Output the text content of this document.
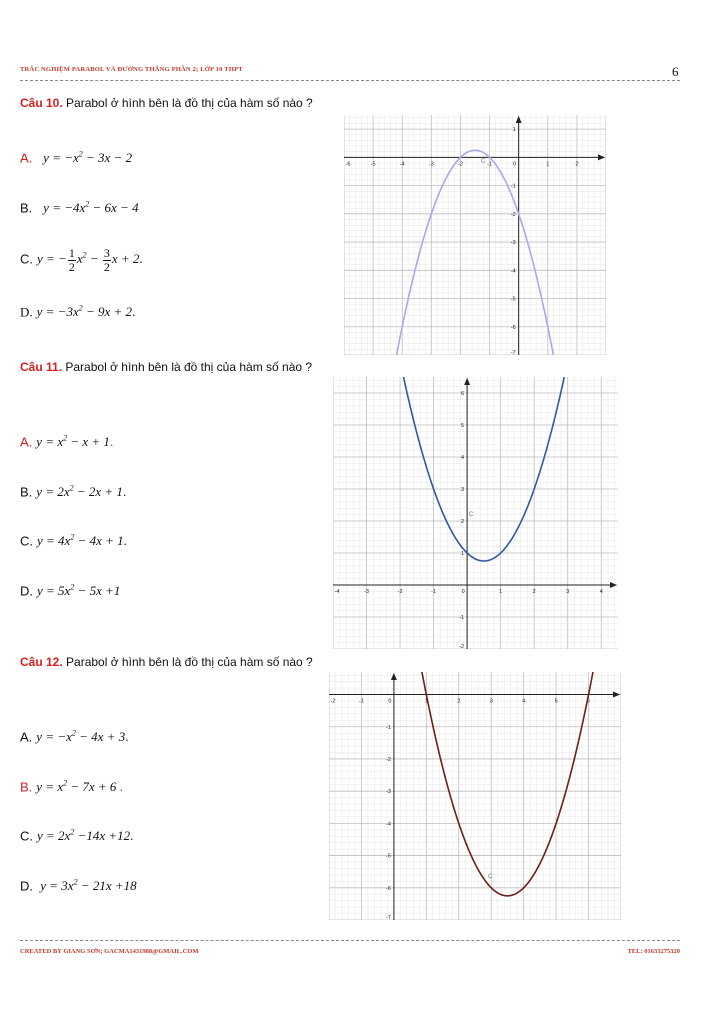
TRẮC NGHIỆM PARABOL VÀ ĐƯỜNG THẲNG PHẦN 2; LỚP 10 THPT	6
Câu 10. Parabol ở hình bên là đồ thị của hàm số nào ?
A.  $y = -x^2 - 3x - 2$
B.  $y = -4x^2 - 6x - 4$
C. y = − $\frac{1}{2} x^2 - \frac{3}{2}$ x + 2.
D. $y = -3x^2 - 9x + 2$.
-6	-5	-4	-3	-2	-1	0	1	2
1
-1
-2
-3
-4
-5
-6
-7
C
Câu 11. Parabol ở hình bên là đồ thị của hàm số nào ?
A. $y = x^2 - x + 1$.
B. $y = 2x^2 - 2x + 1$.
C. $y = 4x^2 - 4x + 1$.
D. $y = 5x^2 - 5x +1$	-4	-3	-2	-1	0	1	2	3	4
6
5
4
3
2
1
-1
-2
C
Câu 12. Parabol ở hình bên là đồ thị của hàm số nào ?
A. $y = -x^2 - 4x + 3$.
B. $y = x^2 - 7x + 6$ .
C. $y = 2x^2 -14x +12$.
D. $y = 3x^2 - 21x +18$
-2	-1	0	1	2	3	4	5	6
-1
-2
-3
-4
-5
-6
-7
C
CREATED BY GIANG SƠN; GACMA1431988@GMAIL.COM	TEL: 01633275320
